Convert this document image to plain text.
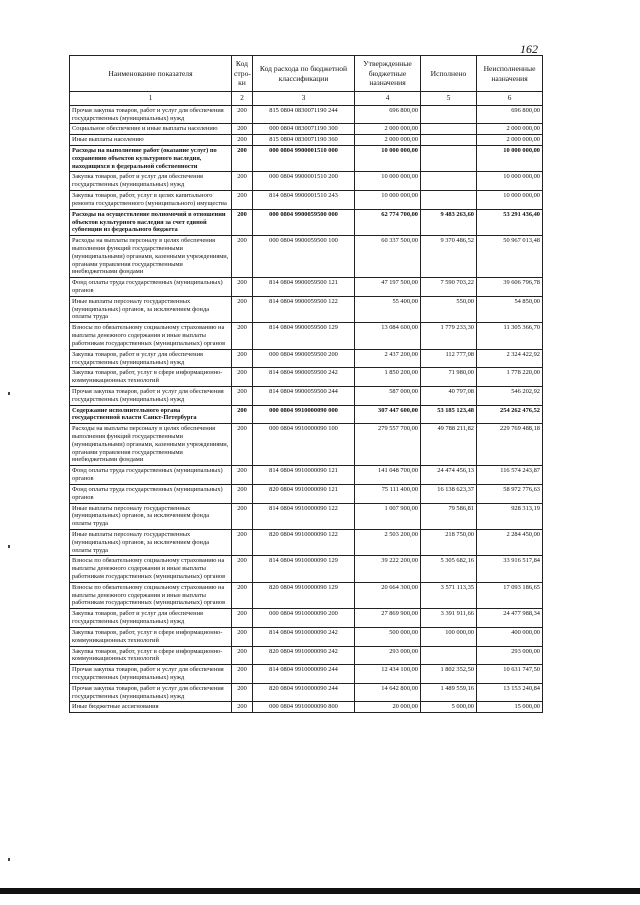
162
Наименование показателя	Код стро-ки	Код расхода по бюджетной классификации	Утвержденные бюджетные назначения	Исполнено	Неисполненные назначения
1	2	3	4	5	6
Прочая закупка товаров, работ и услуг для обеспечения государственных (муниципальных) нужд	200	815 0804 0830071190 244	696 800,00		696 800,00
Социальное обеспечение и иные выплаты населению	200	000 0804 0830071190 300	2 000 000,00		2 000 000,00
Иные выплаты населению	200	815 0804 0830071190 360	2 000 000,00		2 000 000,00
Расходы на выполнение работ (оказание услуг) по сохранению объектов культурного наследия, находящихся в федеральной собственности	200	000 0804 9900001510 000	10 000 000,00		10 000 000,00
Закупка товаров, работ и услуг для обеспечения государственных (муниципальных) нужд	200	000 0804 9900001510 200	10 000 000,00		10 000 000,00
Закупка товаров, работ, услуг в целях капитального ремонта государственного (муниципального) имущества	200	814 0804 9900001510 243	10 000 000,00		10 000 000,00
Расходы на осуществление полномочий в отношении объектов культурного наследия за счет единой субвенции из федерального бюджета	200	000 0804 9900059500 000	62 774 700,00	9 483 263,60	53 291 436,40
Расходы на выплаты персоналу в целях обеспечения выполнения функций государственными (муниципальными) органами, казенными учреждениями, органами управления государственными внебюджетными фондами	200	000 0804 9900059500 100	60 337 500,00	9 370 486,52	50 967 013,48
Фонд оплаты труда государственных (муниципальных) органов	200	814 0804 9900059500 121	47 197 500,00	7 590 703,22	39 606 796,78
Иные выплаты персоналу государственных (муниципальных) органов, за исключением фонда оплаты труда	200	814 0804 9900059500 122	55 400,00	550,00	54 850,00
Взносы по обязательному социальному страхованию на выплаты денежного содержания и иные выплаты работникам государственных (муниципальных) органов	200	814 0804 9900059500 129	13 084 600,00	1 779 233,30	11 305 366,70
Закупка товаров, работ и услуг для обеспечения государственных (муниципальных) нужд	200	000 0804 9900059500 200	2 437 200,00	112 777,08	2 324 422,92
Закупка товаров, работ, услуг в сфере информационно-коммуникационных технологий	200	814 0804 9900059500 242	1 850 200,00	71 980,00	1 778 220,00
Прочая закупка товаров, работ и услуг для обеспечения государственных (муниципальных) нужд	200	814 0804 9900059500 244	587 000,00	40 797,08	546 202,92
Содержание исполнительного органа государственной власти Санкт-Петербурга	200	000 0804 9910000090 000	307 447 600,00	53 185 123,48	254 262 476,52
Расходы на выплаты персоналу в целях обеспечения выполнения функций государственными (муниципальными) органами, казенными учреждениями, органами управления государственными внебюджетными фондами	200	000 0804 9910000090 100	279 557 700,00	49 788 211,82	229 769 488,18
Фонд оплаты труда государственных (муниципальных) органов	200	814 0804 9910000090 121	141 048 700,00	24 474 456,13	116 574 243,87
Фонд оплаты труда государственных (муниципальных) органов	200	820 0804 9910000090 121	75 111 400,00	16 138 623,37	58 972 776,63
Иные выплаты персоналу государственных (муниципальных) органов, за исключением фонда оплаты труда	200	814 0804 9910000090 122	1 007 900,00	79 586,81	928 313,19
Иные выплаты персоналу государственных (муниципальных) органов, за исключением фонда оплаты труда	200	820 0804 9910000090 122	2 503 200,00	218 750,00	2 284 450,00
Взносы по обязательному социальному страхованию на выплаты денежного содержания и иные выплаты работникам государственных (муниципальных) органов	200	814 0804 9910000090 129	39 222 200,00	5 305 682,16	33 916 517,84
Взносы по обязательному социальному страхованию на выплаты денежного содержания и иные выплаты работникам государственных (муниципальных) органов	200	820 0804 9910000090 129	20 664 300,00	3 571 113,35	17 093 186,65
Закупка товаров, работ и услуг для обеспечения государственных (муниципальных) нужд	200	000 0804 9910000090 200	27 869 900,00	3 391 911,66	24 477 988,34
Закупка товаров, работ, услуг в сфере информационно-коммуникационных технологий	200	814 0804 9910000090 242	500 000,00	100 000,00	400 000,00
Закупка товаров, работ, услуг в сфере информационно-коммуникационных технологий	200	820 0804 9910000090 242	293 000,00		293 000,00
Прочая закупка товаров, работ и услуг для обеспечения государственных (муниципальных) нужд	200	814 0804 9910000090 244	12 434 100,00	1 802 352,50	10 631 747,50
Прочая закупка товаров, работ и услуг для обеспечения государственных (муниципальных) нужд	200	820 0804 9910000090 244	14 642 800,00	1 489 559,16	13 153 240,84
Иные бюджетные ассигнования	200	000 0804 9910000090 800	20 000,00	5 000,00	15 000,00
